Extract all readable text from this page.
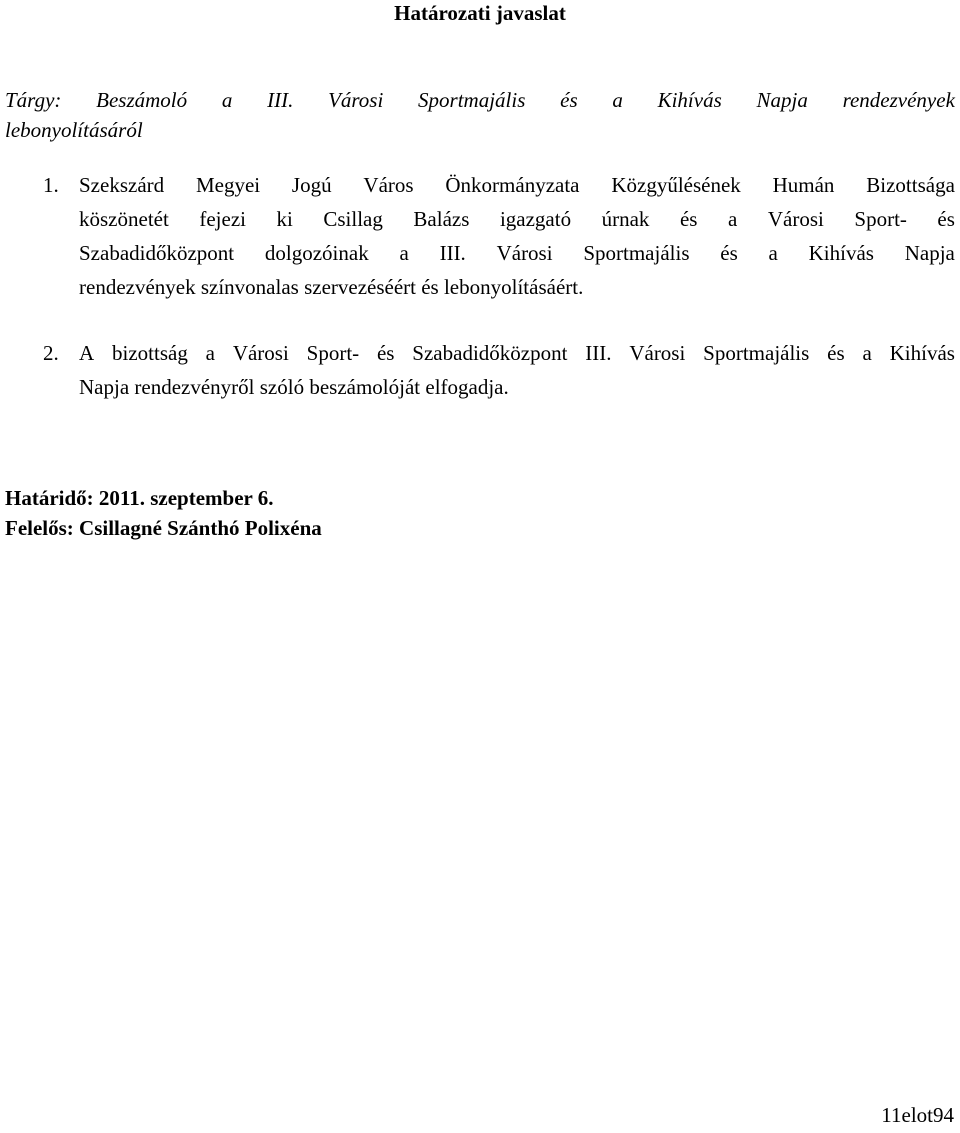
Határozati javaslat
Tárgy: Beszámoló a III. Városi Sportmajális és a Kihívás Napja rendezvények
lebonyolításáról
1. Szekszárd Megyei Jogú Város Önkormányzata Közgyűlésének Humán Bizottsága
köszönetét fejezi ki Csillag Balázs igazgató úrnak és a Városi Sport- és
Szabadidőközpont dolgozóinak a III. Városi Sportmajális és a Kihívás Napja
rendezvények színvonalas szervezéséért és lebonyolításáért.
2. A bizottság a Városi Sport- és Szabadidőközpont III. Városi Sportmajális és a Kihívás
Napja rendezvényről szóló beszámolóját elfogadja.
Határidő: 2011. szeptember 6.
Felelős: Csillagné Szánthó Polixéna
11elot94
